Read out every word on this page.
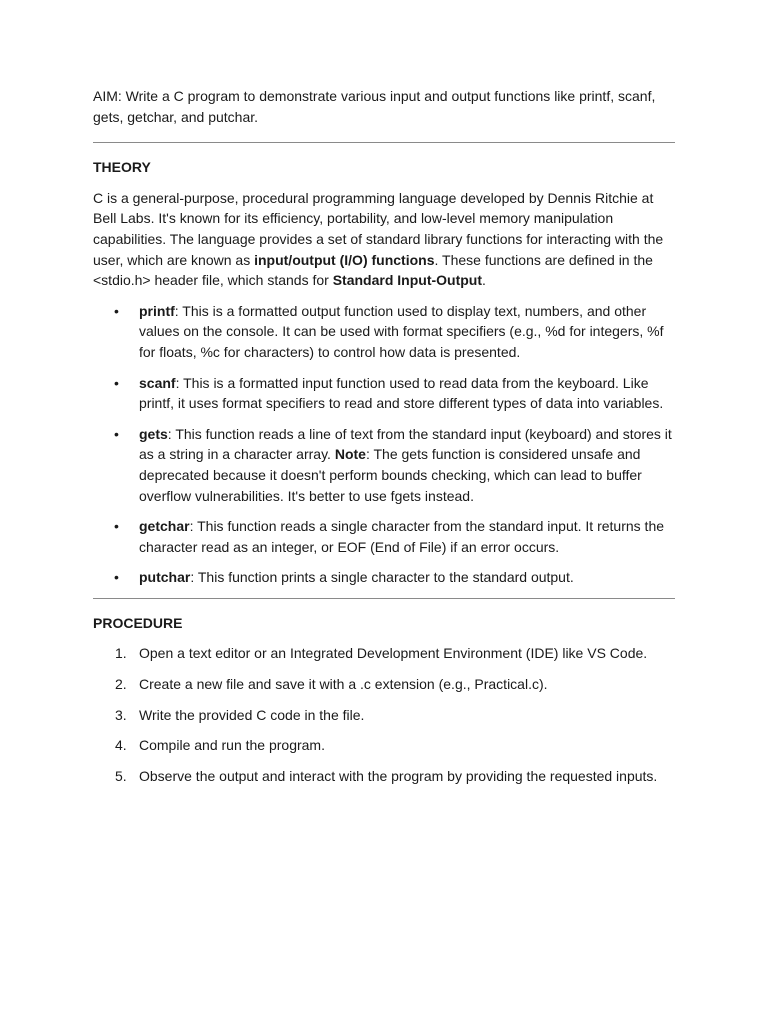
AIM: Write a C program to demonstrate various input and output functions like printf, scanf, gets, getchar, and putchar.

THEORY

C is a general-purpose, procedural programming language developed by Dennis Ritchie at Bell Labs. It's known for its efficiency, portability, and low-level memory manipulation capabilities. The language provides a set of standard library functions for interacting with the user, which are known as input/output (I/O) functions. These functions are defined in the <stdio.h> header file, which stands for Standard Input-Output.

• printf: This is a formatted output function used to display text, numbers, and other values on the console. It can be used with format specifiers (e.g., %d for integers, %f for floats, %c for characters) to control how data is presented.
• scanf: This is a formatted input function used to read data from the keyboard. Like printf, it uses format specifiers to read and store different types of data into variables.
• gets: This function reads a line of text from the standard input (keyboard) and stores it as a string in a character array. Note: The gets function is considered unsafe and deprecated because it doesn't perform bounds checking, which can lead to buffer overflow vulnerabilities. It's better to use fgets instead.
• getchar: This function reads a single character from the standard input. It returns the character read as an integer, or EOF (End of File) if an error occurs.
• putchar: This function prints a single character to the standard output.

PROCEDURE

1. Open a text editor or an Integrated Development Environment (IDE) like VS Code.
2. Create a new file and save it with a .c extension (e.g., Practical.c).
3. Write the provided C code in the file.
4. Compile and run the program.
5. Observe the output and interact with the program by providing the requested inputs.
